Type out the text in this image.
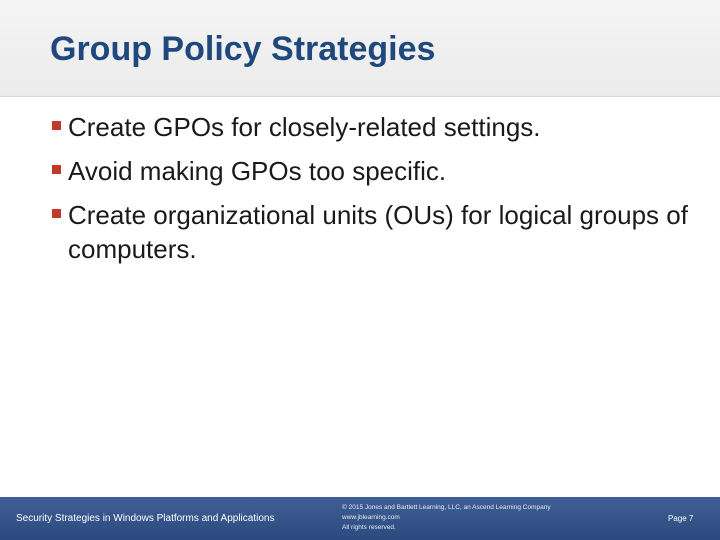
Group Policy Strategies
Create GPOs for closely-related settings.
Avoid making GPOs too specific.
Create organizational units (OUs) for logical groups of computers.
Security Strategies in Windows Platforms and Applications
© 2015 Jones and Bartlett Learning, LLC, an Ascend Learning Company
www.jblearning.com
All rights reserved.
Page 7
